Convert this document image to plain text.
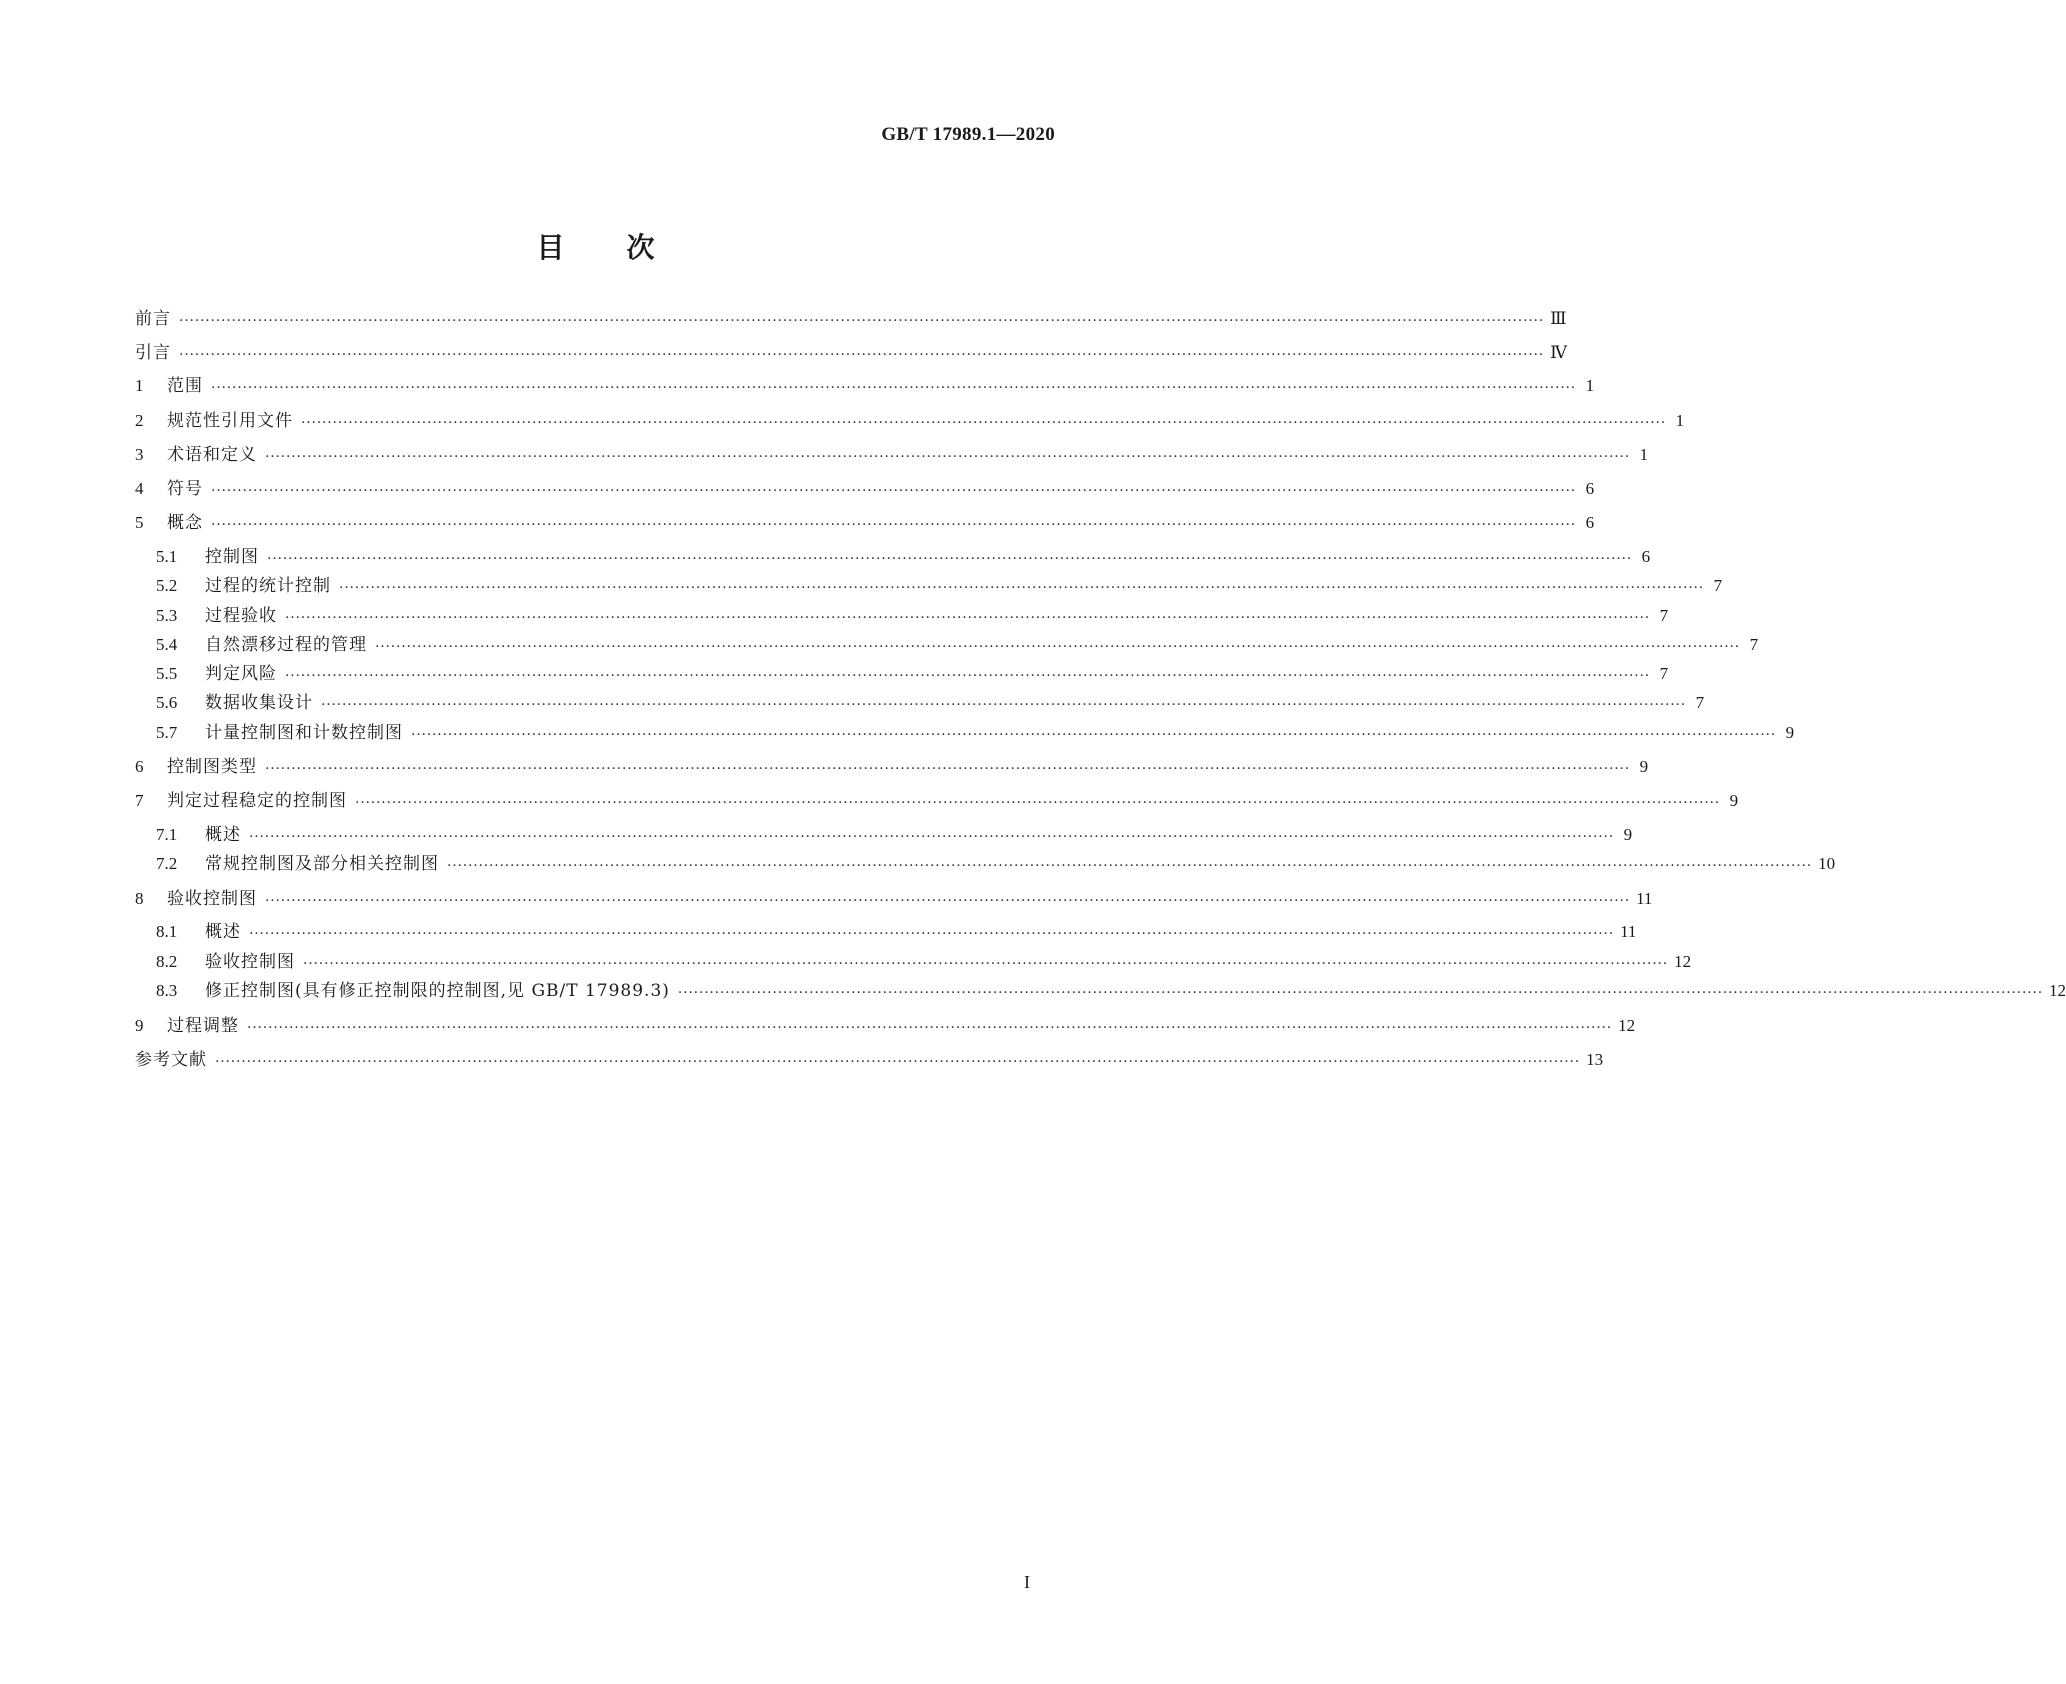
GB/T 17989.1—2020
目次
前言 ···································································································································································································································································· Ⅲ
引言 ···································································································································································································································································· Ⅳ
1	范围 ···································································································································································································································································· 1
2	规范性引用文件 ···································································································································································································································································· 1
3	术语和定义 ···································································································································································································································································· 1
4	符号 ···································································································································································································································································· 6
5	概念 ···································································································································································································································································· 6
5.1	控制图 ···································································································································································································································································· 6
5.2	过程的统计控制 ···································································································································································································································································· 7
5.3	过程验收 ···································································································································································································································································· 7
5.4	自然漂移过程的管理 ···································································································································································································································································· 7
5.5	判定风险 ···································································································································································································································································· 7
5.6	数据收集设计 ···································································································································································································································································· 7
5.7	计量控制图和计数控制图 ···································································································································································································································································· 9
6	控制图类型 ···································································································································································································································································· 9
7	判定过程稳定的控制图 ···································································································································································································································································· 9
7.1	概述 ···································································································································································································································································· 9
7.2	常规控制图及部分相关控制图 ···································································································································································································································································· 10
8	验收控制图 ···································································································································································································································································· 11
8.1	概述 ···································································································································································································································································· 11
8.2	验收控制图 ···································································································································································································································································· 12
8.3	修正控制图(具有修正控制限的控制图,见 GB/T 17989.3) ···································································································································································································································································· 12
9	过程调整 ···································································································································································································································································· 12
参考文献 ···································································································································································································································································· 13
I
